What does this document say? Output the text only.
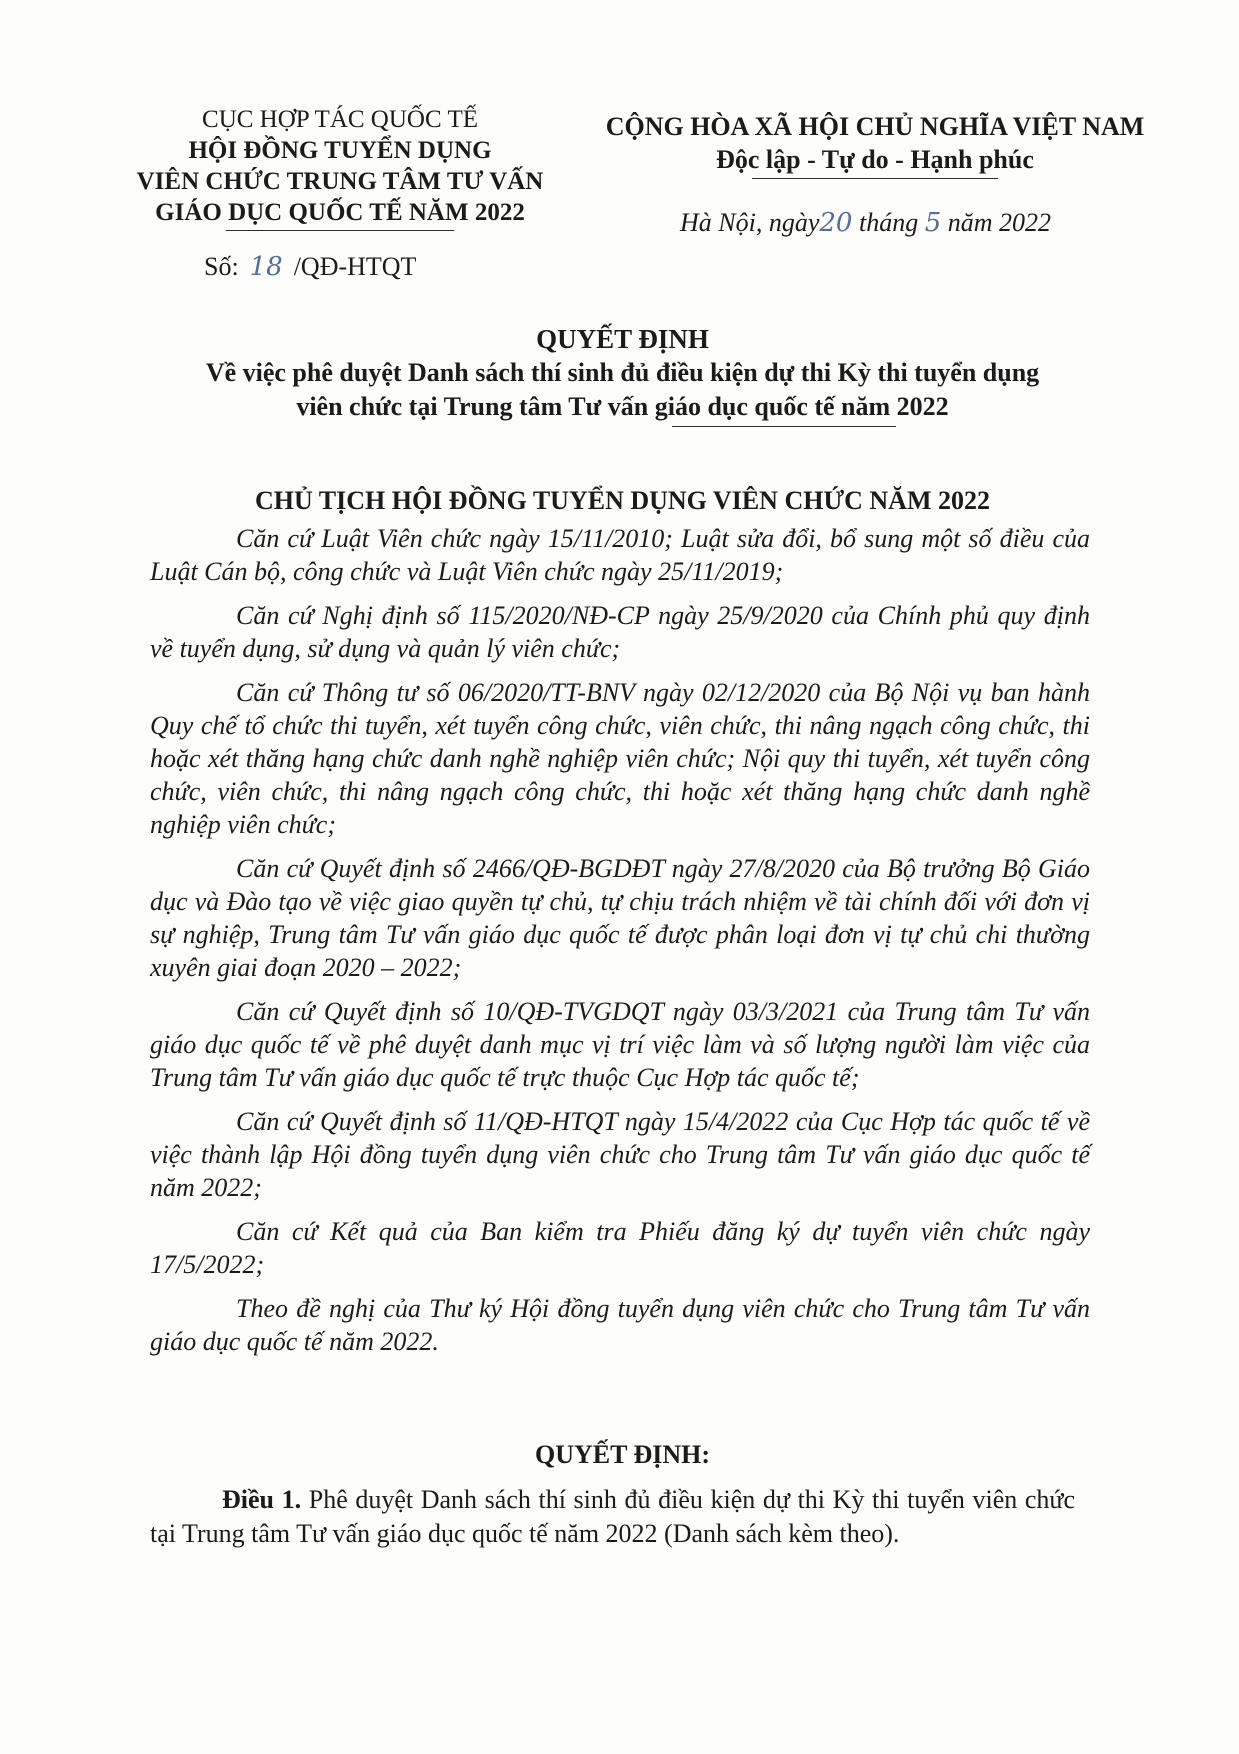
CỤC HỢP TÁC QUỐC TẾ
HỘI ĐỒNG TUYỂN DỤNG
VIÊN CHỨC TRUNG TÂM TƯ VẤN
GIÁO DỤC QUỐC TẾ NĂM 2022
Số: 18 /QĐ-HTQT
CỘNG HÒA XÃ HỘI CHỦ NGHĨA VIỆT NAM
Độc lập - Tự do - Hạnh phúc
Hà Nội, ngày20 tháng 5 năm 2022
QUYẾT ĐỊNH
Về việc phê duyệt Danh sách thí sinh đủ điều kiện dự thi Kỳ thi tuyển dụng
viên chức tại Trung tâm Tư vấn giáo dục quốc tế năm 2022
CHỦ TỊCH HỘI ĐỒNG TUYỂN DỤNG VIÊN CHỨC NĂM 2022

Căn cứ Luật Viên chức ngày 15/11/2010; Luật sửa đổi, bổ sung một số điều của Luật Cán bộ, công chức và Luật Viên chức ngày 25/11/2019;

Căn cứ Nghị định số 115/2020/NĐ-CP ngày 25/9/2020 của Chính phủ quy định về tuyển dụng, sử dụng và quản lý viên chức;

Căn cứ Thông tư số 06/2020/TT-BNV ngày 02/12/2020 của Bộ Nội vụ ban hành Quy chế tổ chức thi tuyển, xét tuyển công chức, viên chức, thi nâng ngạch công chức, thi hoặc xét thăng hạng chức danh nghề nghiệp viên chức; Nội quy thi tuyển, xét tuyển công chức, viên chức, thi nâng ngạch công chức, thi hoặc xét thăng hạng chức danh nghề nghiệp viên chức;

Căn cứ Quyết định số 2466/QĐ-BGDĐT ngày 27/8/2020 của Bộ trưởng Bộ Giáo dục và Đào tạo về việc giao quyền tự chủ, tự chịu trách nhiệm về tài chính đối với đơn vị sự nghiệp, Trung tâm Tư vấn giáo dục quốc tế được phân loại đơn vị tự chủ chi thường xuyên giai đoạn 2020 – 2022;

Căn cứ Quyết định số 10/QĐ-TVGDQT ngày 03/3/2021 của Trung tâm Tư vấn giáo dục quốc tế về phê duyệt danh mục vị trí việc làm và số lượng người làm việc của Trung tâm Tư vấn giáo dục quốc tế trực thuộc Cục Hợp tác quốc tế;

Căn cứ Quyết định số 11/QĐ-HTQT ngày 15/4/2022 của Cục Hợp tác quốc tế về việc thành lập Hội đồng tuyển dụng viên chức cho Trung tâm Tư vấn giáo dục quốc tế năm 2022;

Căn cứ Kết quả của Ban kiểm tra Phiếu đăng ký dự tuyển viên chức ngày 17/5/2022;

Theo đề nghị của Thư ký Hội đồng tuyển dụng viên chức cho Trung tâm Tư vấn giáo dục quốc tế năm 2022.

QUYẾT ĐỊNH:
Điều 1. Phê duyệt Danh sách thí sinh đủ điều kiện dự thi Kỳ thi tuyển viên chức tại Trung tâm Tư vấn giáo dục quốc tế năm 2022 (Danh sách kèm theo).
